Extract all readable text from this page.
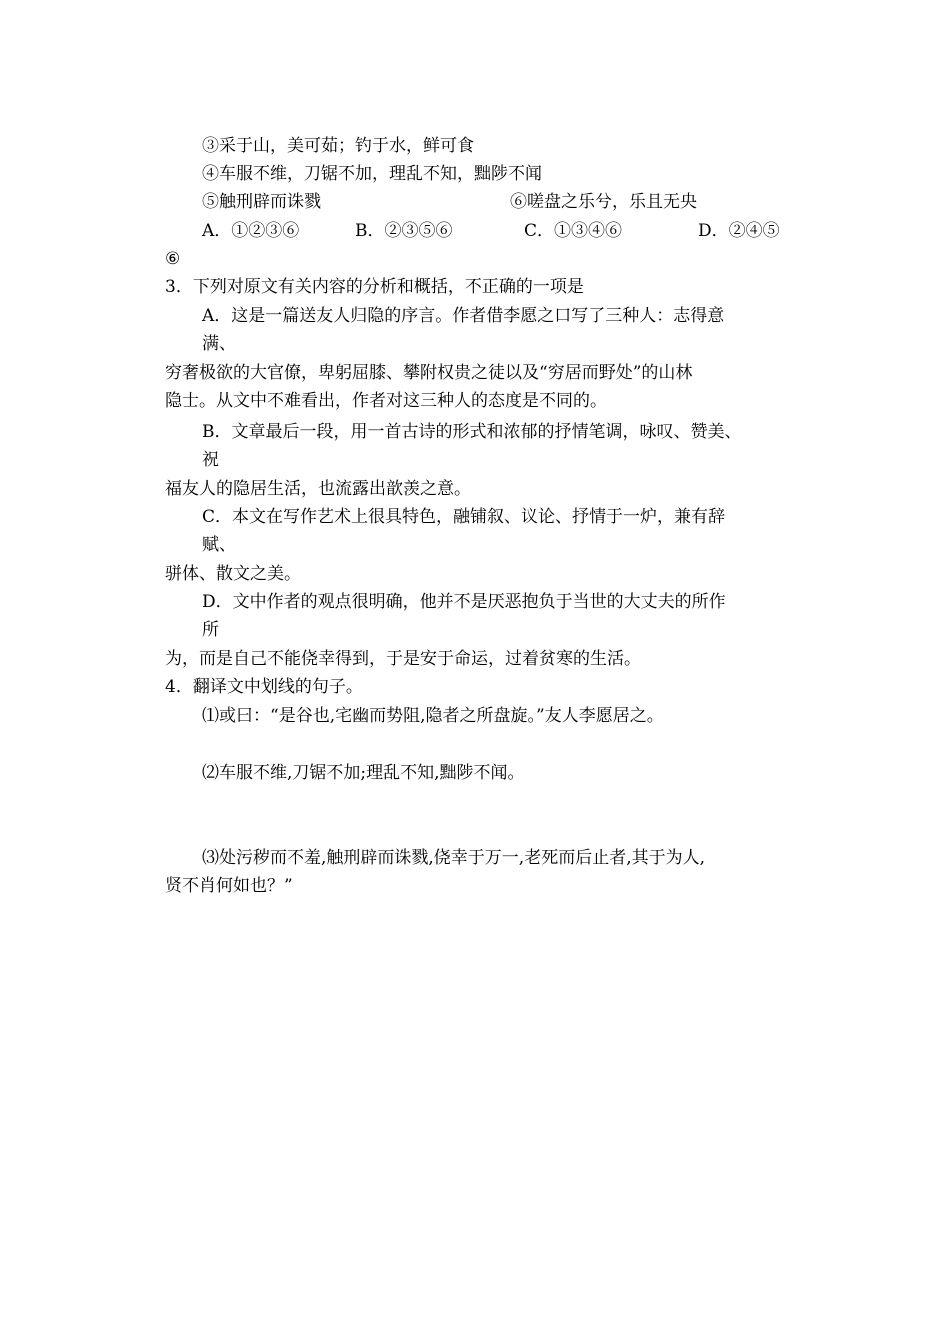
③采于山，美可茹；钓于水，鲜可食
④车服不维，刀锯不加，理乱不知，黜陟不闻
⑤触刑辟而诛戮	⑥嗟盘之乐兮，乐且无央
A．①②③⑥	B．②③⑤⑥	C．①③④⑥	D．②④⑤
⑥
3．下列对原文有关内容的分析和概括，不正确的一项是
A．这是一篇送友人归隐的序言。作者借李愿之口写了三种人：志得意
满、
穷奢极欲的大官僚，卑躬屈膝、攀附权贵之徒以及“穷居而野处”的山林
隐士。从文中不难看出，作者对这三种人的态度是不同的。
B．文章最后一段，用一首古诗的形式和浓郁的抒情笔调，咏叹、赞美、
祝
福友人的隐居生活，也流露出歆羡之意。
C．本文在写作艺术上很具特色，融铺叙、议论、抒情于一炉，兼有辞
赋、
骈体、散文之美。
D．文中作者的观点很明确，他并不是厌恶抱负于当世的大丈夫的所作
所
为，而是自己不能侥幸得到，于是安于命运，过着贫寒的生活。
4．翻译文中划线的句子。
⑴或曰：“是谷也,宅幽而势阻,隐者之所盘旋。”友人李愿居之。
⑵车服不维,刀锯不加;理乱不知,黜陟不闻。
⑶处污秽而不羞,触刑辟而诛戮,侥幸于万一,老死而后止者,其于为人,
贤不肖何如也？”
